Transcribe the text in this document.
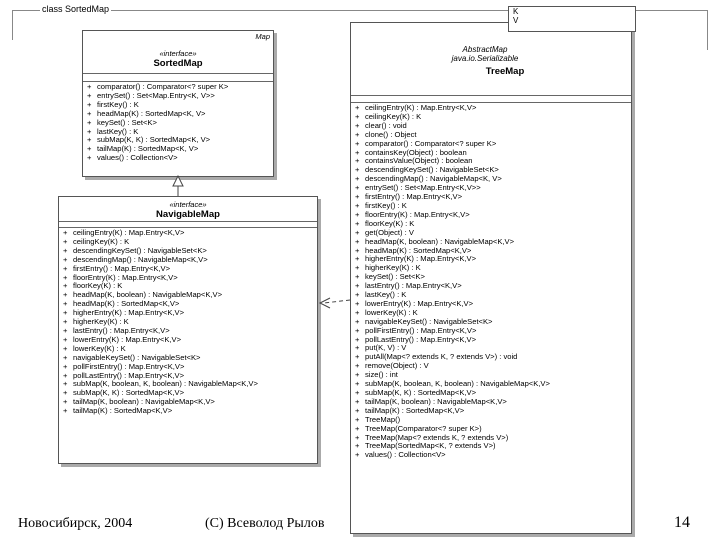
class SortedMap
Map
«interface»
SortedMap
+ comparator() : Comparator<? super K>
+ entrySet() : Set<Map.Entry<K, V>>
+ firstKey() : K
+ headMap(K) : SortedMap<K, V>
+ keySet() : Set<K>
+ lastKey() : K
+ subMap(K, K) : SortedMap<K, V>
+ tailMap(K) : SortedMap<K, V>
+ values() : Collection<V>
«interface»
NavigableMap
+ ceilingEntry(K) : Map.Entry<K,V>
+ ceilingKey(K) : K
+ descendingKeySet() : NavigableSet<K>
+ descendingMap() : NavigableMap<K,V>
+ firstEntry() : Map.Entry<K,V>
+ floorEntry(K) : Map.Entry<K,V>
+ floorKey(K) : K
+ headMap(K, boolean) : NavigableMap<K,V>
+ headMap(K) : SortedMap<K,V>
+ higherEntry(K) : Map.Entry<K,V>
+ higherKey(K) : K
+ lastEntry() : Map.Entry<K,V>
+ lowerEntry(K) : Map.Entry<K,V>
+ lowerKey(K) : K
+ navigableKeySet() : NavigableSet<K>
+ pollFirstEntry() : Map.Entry<K,V>
+ pollLastEntry() : Map.Entry<K,V>
+ subMap(K, boolean, K, boolean) : NavigableMap<K,V>
+ subMap(K, K) : SortedMap<K,V>
+ tailMap(K, boolean) : NavigableMap<K,V>
+ tailMap(K) : SortedMap<K,V>
AbstractMap
java.io.Serializable
TreeMap
+ ceilingEntry(K) : Map.Entry<K,V>
+ ceilingKey(K) : K
+ clear() : void
+ clone() : Object
+ comparator() : Comparator<? super K>
+ containsKey(Object) : boolean
+ containsValue(Object) : boolean
+ descendingKeySet() : NavigableSet<K>
+ descendingMap() : NavigableMap<K, V>
+ entrySet() : Set<Map.Entry<K,V>>
+ firstEntry() : Map.Entry<K,V>
+ firstKey() : K
+ floorEntry(K) : Map.Entry<K,V>
+ floorKey(K) : K
+ get(Object) : V
+ headMap(K, boolean) : NavigableMap<K,V>
+ headMap(K) : SortedMap<K,V>
+ higherEntry(K) : Map.Entry<K,V>
+ higherKey(K) : K
+ keySet() : Set<K>
+ lastEntry() : Map.Entry<K,V>
+ lastKey() : K
+ lowerEntry(K) : Map.Entry<K,V>
+ lowerKey(K) : K
+ navigableKeySet() : NavigableSet<K>
+ pollFirstEntry() : Map.Entry<K,V>
+ pollLastEntry() : Map.Entry<K,V>
+ put(K, V) : V
+ putAll(Map<? extends K, ? extends V>) : void
+ remove(Object) : V
+ size() : int
+ subMap(K, boolean, K, boolean) : NavigableMap<K,V>
+ subMap(K, K) : SortedMap<K,V>
+ tailMap(K, boolean) : NavigableMap<K,V>
+ tailMap(K) : SortedMap<K,V>
+ TreeMap()
+ TreeMap(Comparator<? super K>)
+ TreeMap(Map<? extends K, ? extends V>)
+ TreeMap(SortedMap<K, ? extends V>)
+ values() : Collection<V>
K
V
Новосибирск, 2004	(C) Всеволод Рылов	14
